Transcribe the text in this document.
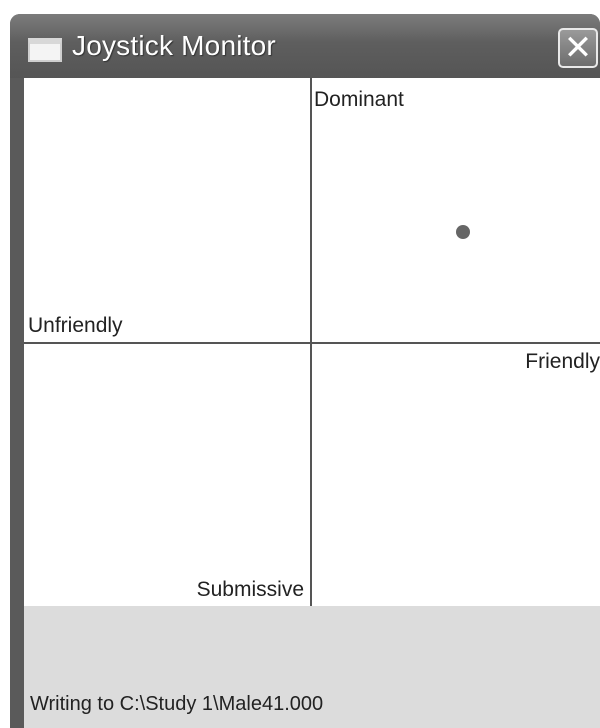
Joystick Monitor	✕
Dominant
Unfriendly
Friendly
Submissive
Writing to C:\Study 1\Male41.000
